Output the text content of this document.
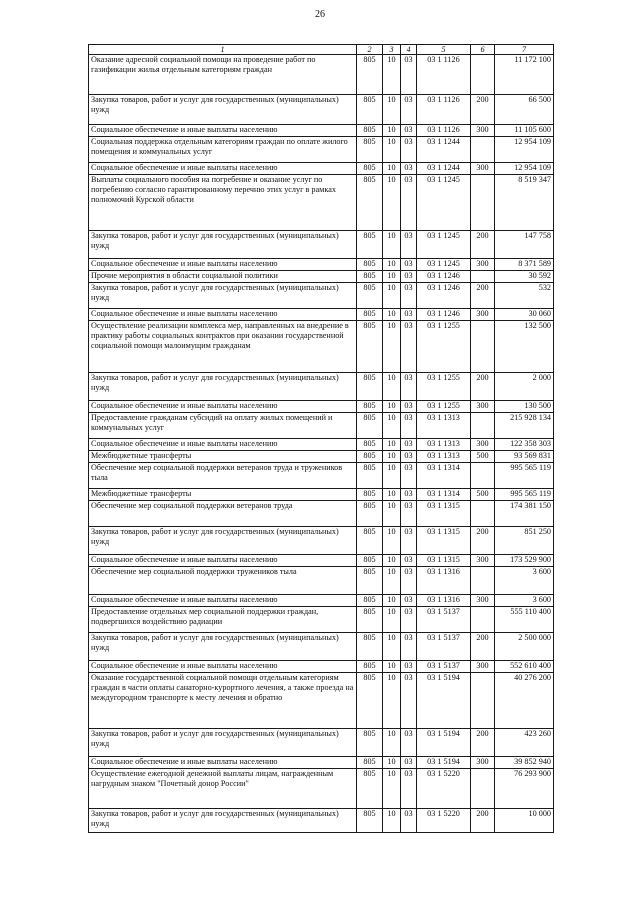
26
1	2	3	4	5	6	7
Оказание адресной социальной помощи на проведение работ по газификации жилья отдельным категориям граждан	805	10	03	03 1 1126		11 172 100
Закупка товаров, работ и услуг для государственных (муниципальных) нужд	805	10	03	03 1 1126	200	66 500
Социальное обеспечение и иные выплаты населению	805	10	03	03 1 1126	300	11 105 600
Социальная поддержка отдельным категориям граждан по оплате жилого помещения и коммунальных услуг	805	10	03	03 1 1244		12 954 109
Социальное обеспечение и иные выплаты населению	805	10	03	03 1 1244	300	12 954 109
Выплаты социального пособия на погребение и оказание услуг по погребению согласно гарантированному перечню этих услуг в рамках полномочий Курской области	805	10	03	03 1 1245		8 519 347
Закупка товаров, работ и услуг для государственных (муниципальных) нужд	805	10	03	03 1 1245	200	147 758
Социальное обеспечение и иные выплаты населению	805	10	03	03 1 1245	300	8 371 589
Прочие мероприятия в области социальной политики	805	10	03	03 1 1246		30 592
Закупка товаров, работ и услуг для государственных (муниципальных) нужд	805	10	03	03 1 1246	200	532
Социальное обеспечение и иные выплаты населению	805	10	03	03 1 1246	300	30 060
Осуществление реализации комплекса мер, направленных на внедрение в практику работы социальных контрактов при оказании государственной социальной помощи малоимущим гражданам	805	10	03	03 1 1255		132 500
Закупка товаров, работ и услуг для государственных (муниципальных) нужд	805	10	03	03 1 1255	200	2 000
Социальное обеспечение и иные выплаты населению	805	10	03	03 1 1255	300	130 500
Предоставление гражданам субсидий на оплату жилых помещений и коммунальных услуг	805	10	03	03 1 1313		215 928 134
Социальное обеспечение и иные выплаты населению	805	10	03	03 1 1313	300	122 358 303
Межбюджетные трансферты	805	10	03	03 1 1313	500	93 569 831
Обеспечение мер социальной поддержки ветеранов труда и тружеников тыла	805	10	03	03 1 1314		995 565 119
Межбюджетные трансферты	805	10	03	03 1 1314	500	995 565 119
Обеспечение мер социальной поддержки ветеранов труда	805	10	03	03 1 1315		174 381 150
Закупка товаров, работ и услуг для государственных (муниципальных) нужд	805	10	03	03 1 1315	200	851 250
Социальное обеспечение и иные выплаты населению	805	10	03	03 1 1315	300	173 529 900
Обеспечение мер социальной поддержки тружеников тыла	805	10	03	03 1 1316		3 600
Социальное обеспечение и иные выплаты населению	805	10	03	03 1 1316	300	3 600
Предоставление отдельных мер социальной поддержки граждан, подвергшихся воздействию радиации	805	10	03	03 1 5137		555 110 400
Закупка товаров, работ и услуг для государственных (муниципальных) нужд	805	10	03	03 1 5137	200	2 500 000
Социальное обеспечение и иные выплаты населению	805	10	03	03 1 5137	300	552 610 400
Оказание государственной социальной помощи отдельным категориям граждан в части оплаты санаторно-курортного лечения, а также проезда на междугородном транспорте к месту лечения и обратно	805	10	03	03 1 5194		40 276 200
Закупка товаров, работ и услуг для государственных (муниципальных) нужд	805	10	03	03 1 5194	200	423 260
Социальное обеспечение и иные выплаты населению	805	10	03	03 1 5194	300	39 852 940
Осуществление ежегодной денежной выплаты лицам, награжденным нагрудным знаком "Почетный донор России"	805	10	03	03 1 5220		76 293 900
Закупка товаров, работ и услуг для государственных (муниципальных) нужд	805	10	03	03 1 5220	200	10 000
